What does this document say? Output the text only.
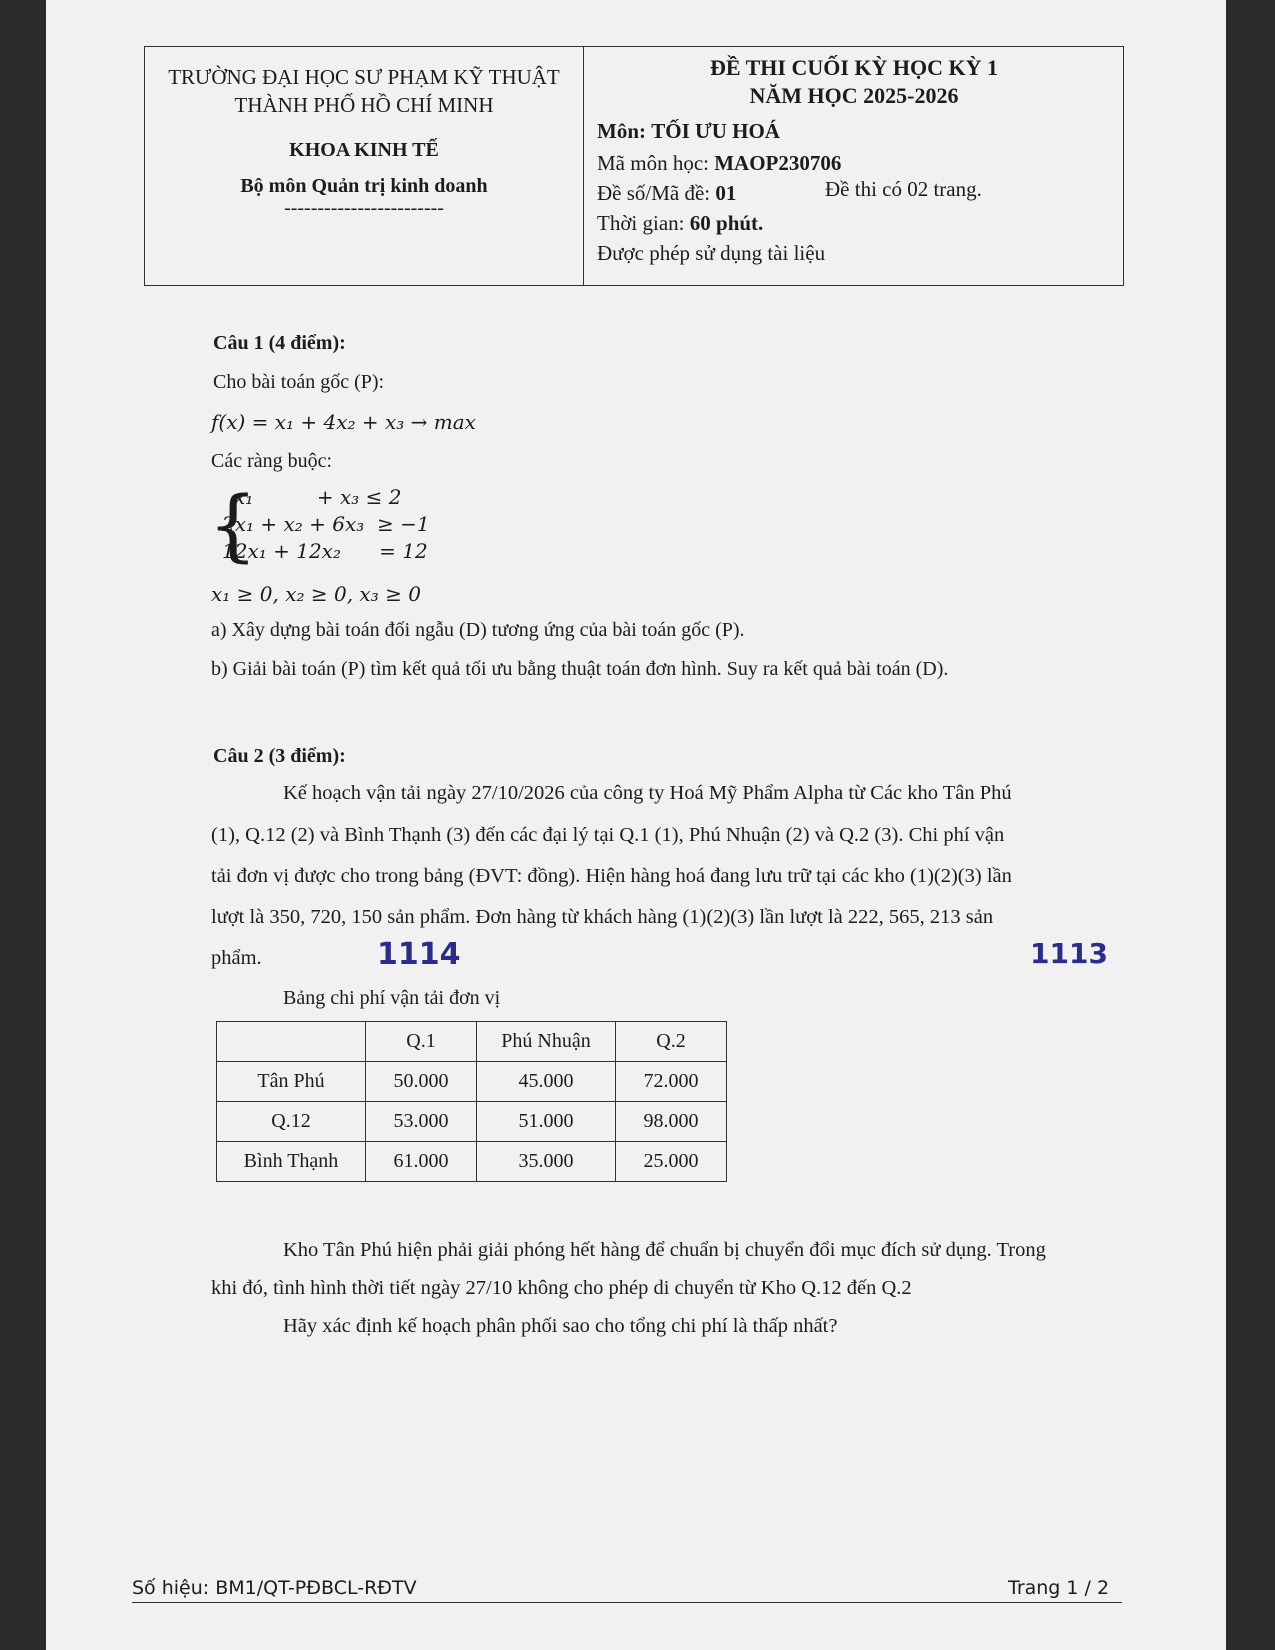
TRƯỜNG ĐẠI HỌC SƯ PHẠM KỸ THUẬT
THÀNH PHỐ HỒ CHÍ MINH
KHOA KINH TẾ
Bộ môn Quản trị kinh doanh
------------------------
ĐỀ THI CUỐI KỲ HỌC KỲ 1
NĂM HỌC 2025-2026
Môn: TỐI ƯU HOÁ
Mã môn học: MAOP230706
Đề số/Mã đề: 01	Đề thi có 02 trang.
Thời gian: 60 phút.
Được phép sử dụng tài liệu
Câu 1 (4 điểm):
Cho bài toán gốc (P):
f(x) = x₁ + 4x₂ + x₃ → max
Các ràng buộc:
{
x₁          + x₃ ≤ 2
2x₁ + x₂ + 6x₃  ≥ −1
12x₁ + 12x₂      = 12
x₁ ≥ 0, x₂ ≥ 0, x₃ ≥ 0
a) Xây dựng bài toán đối ngẫu (D) tương ứng của bài toán gốc (P).
b) Giải bài toán (P) tìm kết quả tối ưu bằng thuật toán đơn hình. Suy ra kết quả bài toán (D).
Câu 2 (3 điểm):
Kế hoạch vận tải ngày 27/10/2026 của công ty Hoá Mỹ Phẩm Alpha từ Các kho Tân Phú
(1), Q.12 (2) và Bình Thạnh (3) đến các đại lý tại Q.1 (1), Phú Nhuận (2) và Q.2 (3). Chi phí vận
tải đơn vị được cho trong bảng (ĐVT: đồng). Hiện hàng hoá đang lưu trữ tại các kho (1)(2)(3) lần
lượt là 350, 720, 150 sản phẩm. Đơn hàng từ khách hàng (1)(2)(3) lần lượt là 222, 565, 213 sản
phẩm.	1114	1113
Bảng chi phí vận tải đơn vị
	Q.1	Phú Nhuận	Q.2
Tân Phú	50.000	45.000	72.000
Q.12	53.000	51.000	98.000
Bình Thạnh	61.000	35.000	25.000
Kho Tân Phú hiện phải giải phóng hết hàng để chuẩn bị chuyển đổi mục đích sử dụng. Trong
khi đó, tình hình thời tiết ngày 27/10 không cho phép di chuyển từ Kho Q.12 đến Q.2
Hãy xác định kế hoạch phân phối sao cho tổng chi phí là thấp nhất?
Số hiệu: BM1/QT-PĐBCL-RĐTV	Trang 1 / 2
